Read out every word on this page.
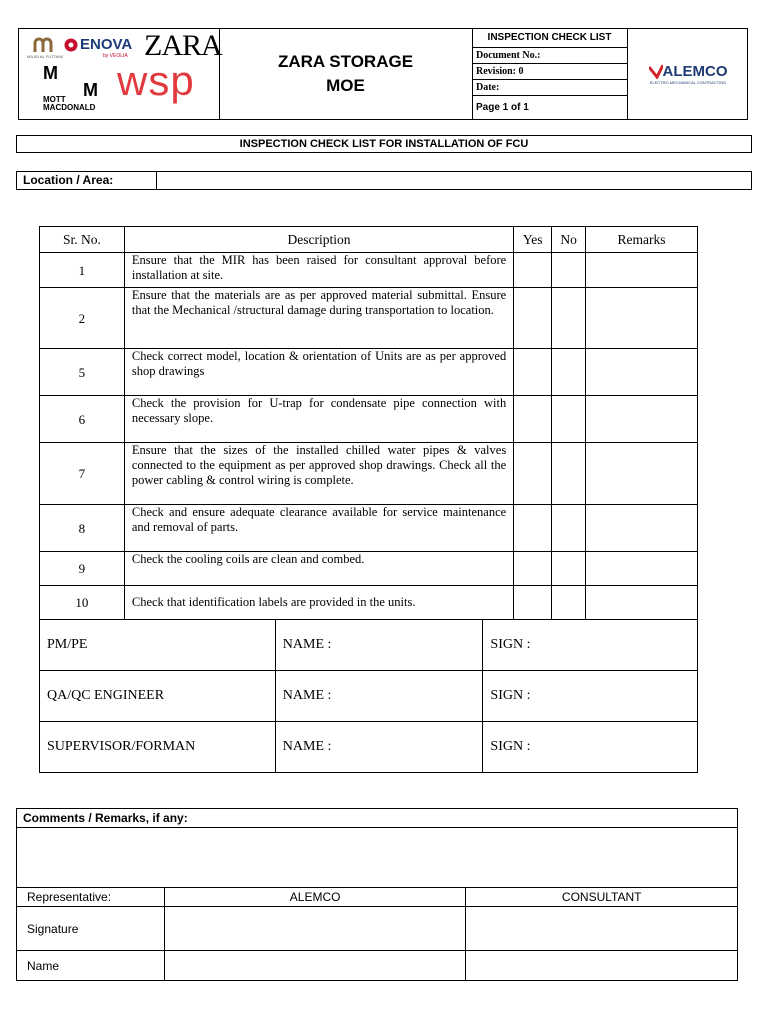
MAJID AL FUTTAIM
ENOVA
by VEOLIA ZARA
M
M
MOTT
MACDONALD
wsp	ZARA STORAGE
MOE
INSPECTION CHECK LIST
Document No.:
Revision: 0
Date:
Page 1 of 1
ALEMCO
ELECTRO MECHANICAL CONTRACTING
INSPECTION CHECK LIST FOR INSTALLATION OF FCU
Location / Area:
Sr. No.	Description	Yes	No	Remarks
1	Ensure that the MIR has been raised for consultant approval before installation at site.			
2	Ensure that the materials are as per approved material submittal. Ensure that the Mechanical /structural damage during transportation to location.			
5	Check correct model, location & orientation of Units are as per approved shop drawings			
6	Check the provision for U-trap for condensate pipe connection with necessary slope.			
7	Ensure that the sizes of the installed chilled water pipes & valves connected to the equipment as per approved shop drawings. Check all the power cabling & control wiring is complete.			
8	Check and ensure adequate clearance available for service maintenance and removal of parts.			
9	Check the cooling coils are clean and combed.			
10	Check that identification labels are provided in the units.			
PM/PE	NAME :	SIGN :
QA/QC ENGINEER	NAME :	SIGN :
SUPERVISOR/FORMAN	NAME :	SIGN :
Comments / Remarks, if any:		

Representative:	ALEMCO	CONSULTANT
Signature		
Name		
